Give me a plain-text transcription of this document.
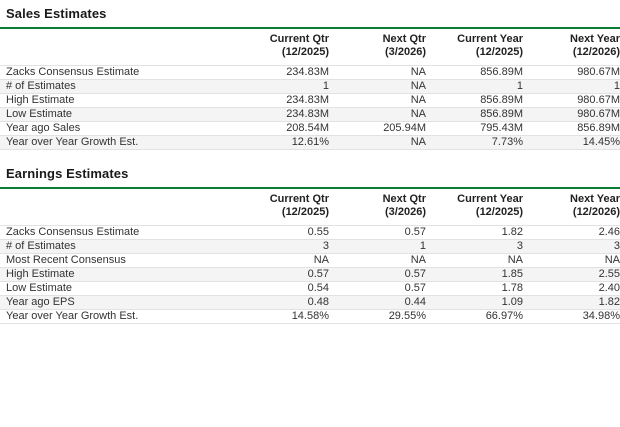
Sales Estimates
	Current Qtr	Next Qtr	Current Year	Next Year
	(12/2025)	(3/2026)	(12/2025)	(12/2026)
Zacks Consensus Estimate	234.83M	NA	856.89M	980.67M
# of Estimates	1	NA	1	1
High Estimate	234.83M	NA	856.89M	980.67M
Low Estimate	234.83M	NA	856.89M	980.67M
Year ago Sales	208.54M	205.94M	795.43M	856.89M
Year over Year Growth Est.	12.61%	NA	7.73%	14.45%
Earnings Estimates
	Current Qtr	Next Qtr	Current Year	Next Year
	(12/2025)	(3/2026)	(12/2025)	(12/2026)
Zacks Consensus Estimate	0.55	0.57	1.82	2.46
# of Estimates	3	1	3	3
Most Recent Consensus	NA	NA	NA	NA
High Estimate	0.57	0.57	1.85	2.55
Low Estimate	0.54	0.57	1.78	2.40
Year ago EPS	0.48	0.44	1.09	1.82
Year over Year Growth Est.	14.58%	29.55%	66.97%	34.98%
